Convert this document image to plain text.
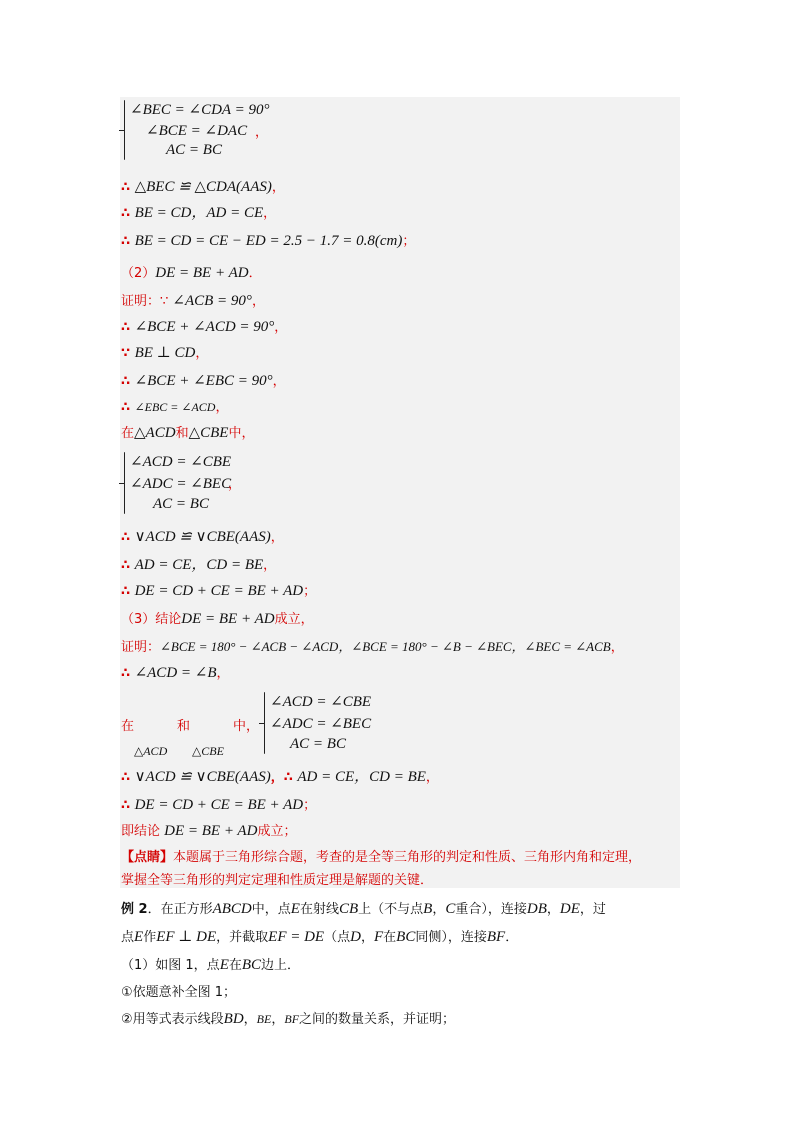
∠BEC = ∠CDA = 90°
∠BCE = ∠DAC
AC = BC
，
∴ △BEC ≌ △CDA(AAS)，
∴ BE = CD，AD = CE，
∴ BE = CD = CE − ED = 2.5 − 1.7 = 0.8(cm)；
（2）DE = BE + AD．
证明：∵ ∠ACB = 90°，
∴ ∠BCE + ∠ACD = 90°，
∵ BE ⊥ CD，
∴ ∠BCE + ∠EBC = 90°，
∴ ∠EBC = ∠ACD，
在△ACD和△CBE中，
∠ACD = ∠CBE
∠ADC = ∠BEC
AC = BC
，
∴ ∨ACD ≌ ∨CBE(AAS)，
∴ AD = CE，CD = BE，
∴ DE = CD + CE = BE + AD；
（3）结论DE = BE + AD成立，
证明：∠BCE = 180° − ∠ACB − ∠ACD，∠BCE = 180° − ∠B − ∠BEC，∠BEC = ∠ACB，
∴ ∠ACD = ∠B，
在	和	中，
△ACD △CBE
∠ACD = ∠CBE
∠ADC = ∠BEC
AC = BC
∴ ∨ACD ≌ ∨CBE(AAS)，∴ AD = CE，CD = BE，
∴ DE = CD + CE = BE + AD；
即结论 DE = BE + AD成立；
【点睛】本题属于三角形综合题，考查的是全等三角形的判定和性质、三角形内角和定理，
掌握全等三角形的判定定理和性质定理是解题的关键．
例 2．在正方形ABCD中，点E在射线CB上（不与点B，C重合），连接DB，DE，过
点E作EF ⊥ DE，并截取EF = DE（点D，F在BC同侧），连接BF．
（1）如图 1，点E在BC边上．
①依题意补全图 1；
②用等式表示线段BD，BE，BF之间的数量关系，并证明；
